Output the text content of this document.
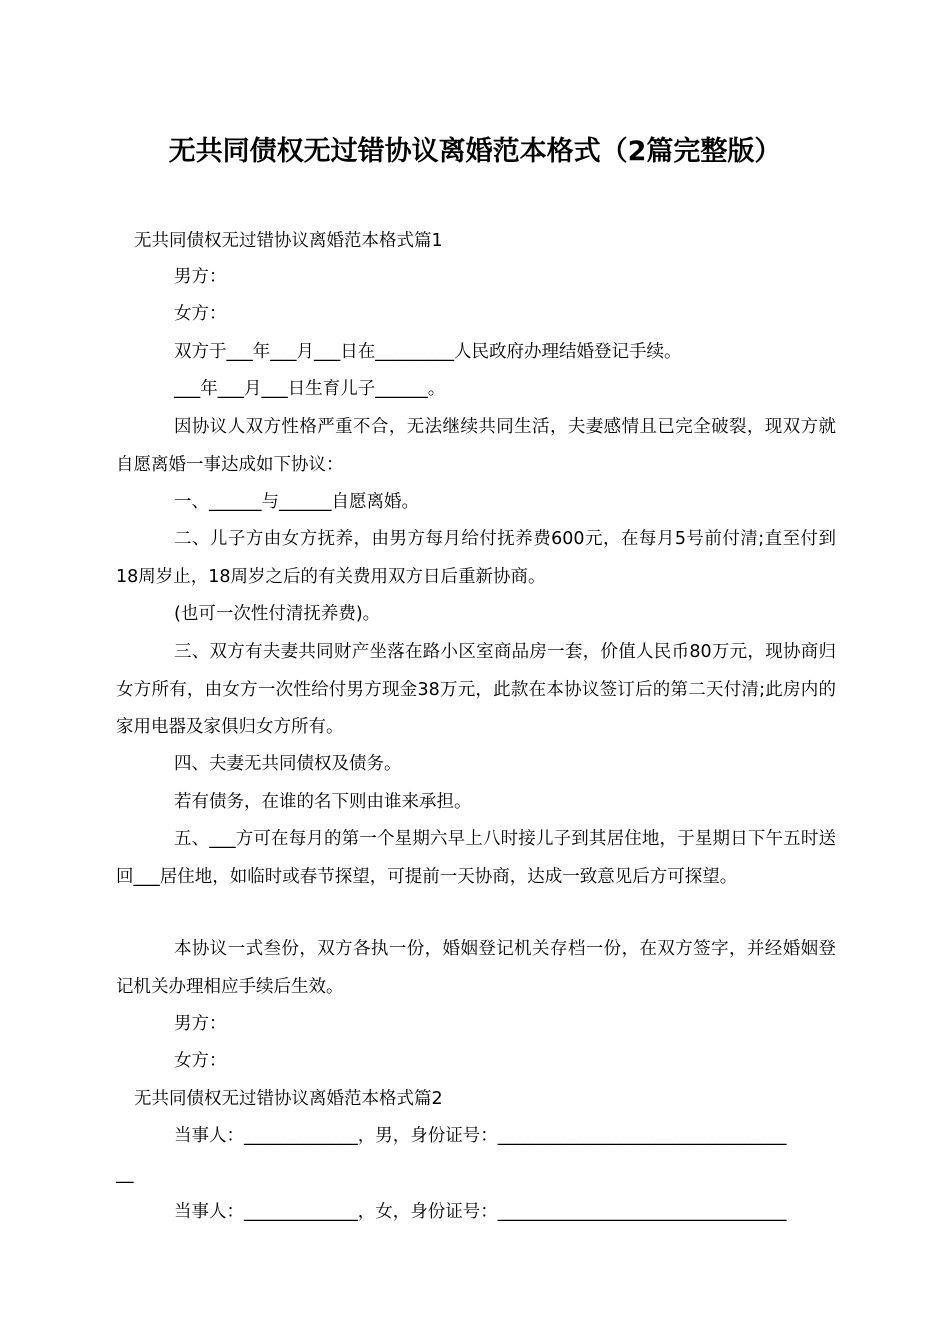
无共同债权无过错协议离婚范本格式（2篇完整版）
无共同债权无过错协议离婚范本格式篇1
男方：
女方：
双方于___年___月___日在_________人民政府办理结婚登记手续。
___年___月___日生育儿子______。
因协议人双方性格严重不合，无法继续共同生活，夫妻感情且已完全破裂，现双方就自愿离婚一事达成如下协议：
一、______与______自愿离婚。
二、儿子方由女方抚养，由男方每月给付抚养费600元，在每月5号前付清;直至付到18周岁止，18周岁之后的有关费用双方日后重新协商。
(也可一次性付清抚养费)。
三、双方有夫妻共同财产坐落在路小区室商品房一套，价值人民币80万元，现协商归女方所有，由女方一次性给付男方现金38万元，此款在本协议签订后的第二天付清;此房内的家用电器及家俱归女方所有。
四、夫妻无共同债权及债务。
若有债务，在谁的名下则由谁来承担。
五、___方可在每月的第一个星期六早上八时接儿子到其居住地，于星期日下午五时送回___居住地，如临时或春节探望，可提前一天协商，达成一致意见后方可探望。
本协议一式叁份，双方各执一份，婚姻登记机关存档一份，在双方签字，并经婚姻登记机关办理相应手续后生效。
男方：
女方：
无共同债权无过错协议离婚范本格式篇2
当事人：_____________，男，身份证号：_________________________________
__
当事人：_____________，女，身份证号：_________________________________
